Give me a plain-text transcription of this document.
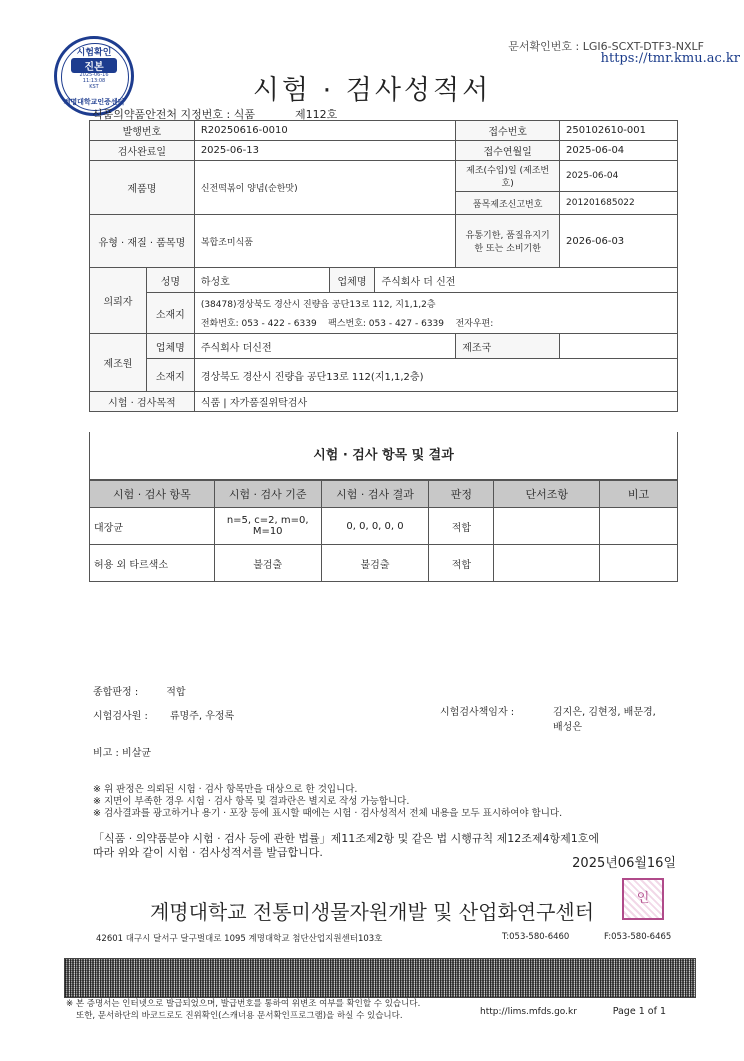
문서확인번호 : LGI6-SCXT-DTF3-NXLF
https://tmr.kmu.ac.kr
시험확인
진본
2025-06-16
11:13:08
KST
계명대학교인증센터	시험 · 검사성적서
식품의약품안전처 지정번호 : 식품	제112호
발행번호		R20250616-0010			접수번호	250102610-001
검사완료일		2025-06-13			접수연월일	2025-06-04
제품명		신전떡볶이 양념(순한맛)			제조(수입)일 (제조번호)	2025-06-04
					품목제조신고번호	201201685022
유형 · 재질 · 품목명		복합조미식품			유통기한, 품질유지기한 또는 소비기한	2026-06-03
의뢰자	성명	하성호	업체명	주식회사 더 신전		
	소재지	(38478)경상북도 경산시 진량읍 공단13로 112, 지1,1,2층
전화번호: 053 - 422 - 6339 팩스번호: 053 - 427 - 6339 전자우편:				

제조원	업체명	주식회사 더신전			제조국	
	소재지	경상북도 경산시 진량읍 공단13로 112(지1,1,2층)				
시험 · 검사목적		식품 | 자가품질위탁검사				
시험 · 검사 항목 및 결과
시험 · 검사 항목	시험 · 검사 기준	시험 · 검사 결과	판정	단서조항	비고
대장균	n=5, c=2, m=0, M=10	0, 0, 0, 0, 0	적합		
허용 외 타르색소	불검출	불검출	적합		
종합판정 :	적합
시험검사원 : 류명주, 우정록	시험검사책임자 :	김지은, 김현정, 배문경,
배성은
비고 : 비살균
※ 위 판정은 의뢰된 시험 · 검사 항목만을 대상으로 한 것입니다.
※ 지면이 부족한 경우 시험 · 검사 항목 및 결과란은 별지로 작성 가능합니다.
※ 검사결과를 광고하거나 용기 · 포장 등에 표시할 때에는 시험 · 검사성적서 전체 내용을 모두 표시하여야 합니다.
「식품 · 의약품분야 시험 · 검사 등에 관한 법률」제11조제2항 및 같은 법 시행규칙 제12조제4항제1호에
따라 위와 같이 시험 · 검사성적서를 발급합니다.
2025년06월16일
계명대학교 전통미생물자원개발 및 산업화연구센터
인
42601 대구시 달서구 달구벌대로 1095 계명대학교 첨단산업지원센터103호	T:053-580-6460	F:053-580-6465
※ 본 증명서는 인터넷으로 발급되었으며, 발급번호를 통하여 위변조 여부를 확인할 수 있습니다.
또한, 문서하단의 바코드로도 진위확인(스캐너용 문서확인프로그램)을 하실 수 있습니다.	http://lims.mfds.go.kr	Page 1 of 1
